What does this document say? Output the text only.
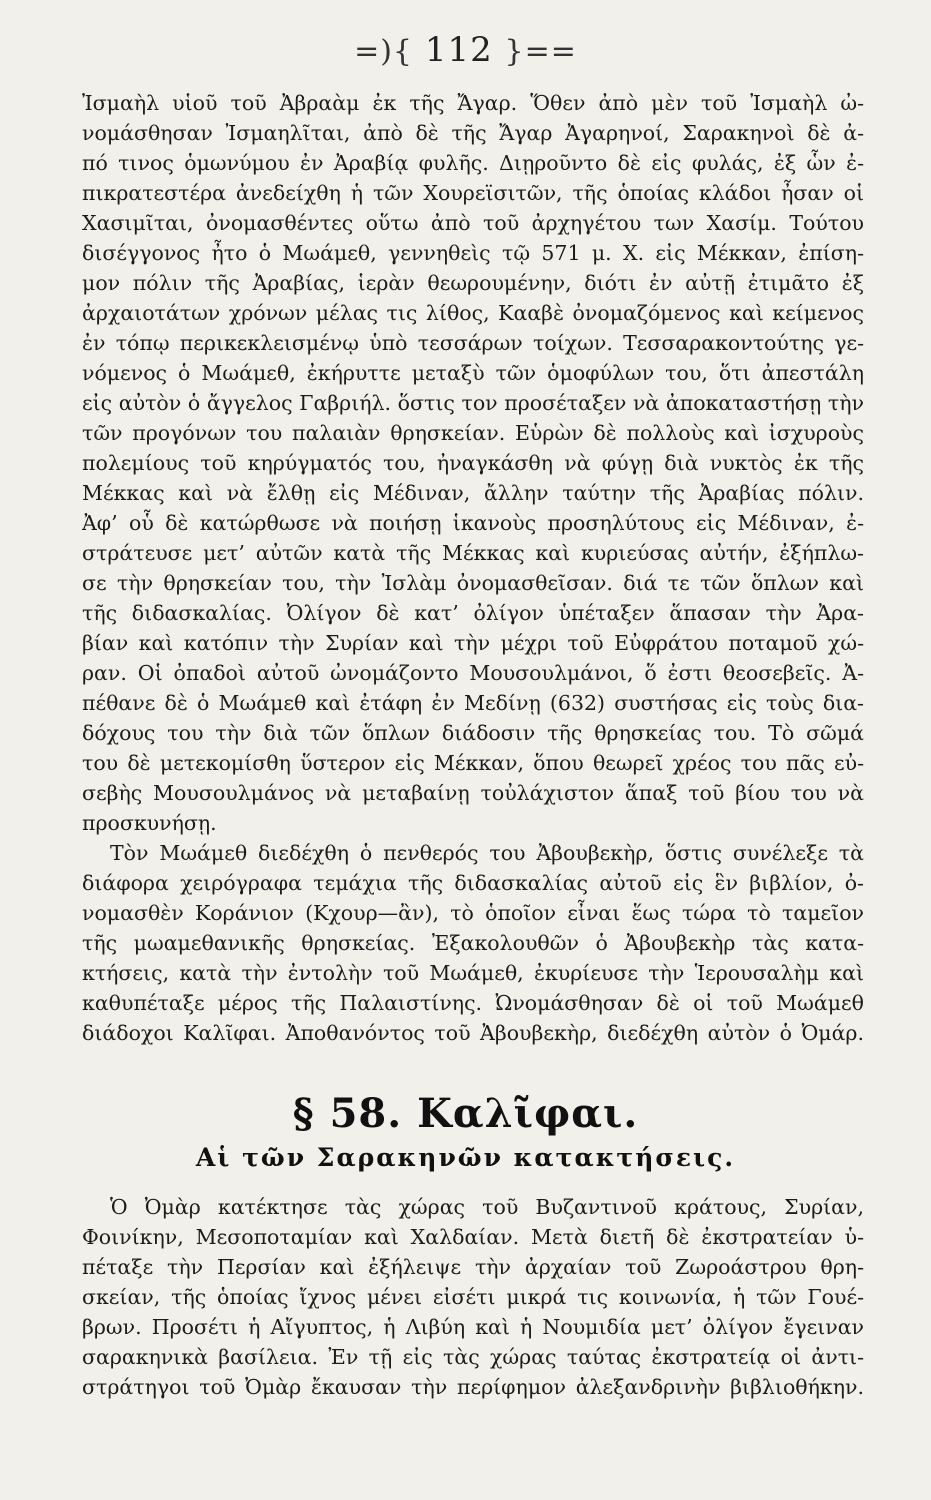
=){ 112 }==
Ἰσμαὴλ υἱοῦ τοῦ Ἀβραὰμ ἐκ τῆς Ἄγαρ. Ὅθεν ἀπὸ μὲν τοῦ Ἰσμαὴλ ὠ-
νομάσθησαν Ἰσμαηλῖται, ἀπὸ δὲ τῆς Ἄγαρ Ἀγαρηνοί, Σαρακηνοὶ δὲ ἀ-
πό τινος ὁμωνύμου ἐν Ἀραβίᾳ φυλῆς. Διῃροῦντο δὲ εἰς φυλάς, ἐξ ὧν ἐ-
πικρατεστέρα ἀνεδείχθη ἡ τῶν Χουρεϊσιτῶν, τῆς ὁποίας κλάδοι ἦσαν οἱ
Χασιμῖται, ὀνομασθέντες οὕτω ἀπὸ τοῦ ἀρχηγέτου των Χασίμ. Τούτου
δισέγγονος ἦτο ὁ Μωάμεθ, γεννηθεὶς τῷ 571 μ. Χ. εἰς Μέκκαν, ἐπίση-
μον πόλιν τῆς Ἀραβίας, ἱερὰν θεωρουμένην, διότι ἐν αὐτῇ ἐτιμᾶτο ἐξ
ἀρχαιοτάτων χρόνων μέλας τις λίθος, Κααβὲ ὀνομαζόμενος καὶ κείμενος
ἐν τόπῳ περικεκλεισμένῳ ὑπὸ τεσσάρων τοίχων. Τεσσαρακοντούτης γε-
νόμενος ὁ Μωάμεθ, ἐκήρυττε μεταξὺ τῶν ὁμοφύλων του, ὅτι ἀπεστάλη
εἰς αὐτὸν ὁ ἄγγελος Γαβριήλ. ὅστις τον προσέταξεν νὰ ἀποκαταστήσῃ τὴν
τῶν προγόνων του παλαιὰν θρησκείαν. Εὑρὼν δὲ πολλοὺς καὶ ἰσχυροὺς
πολεμίους τοῦ κηρύγματός του, ἠναγκάσθη νὰ φύγῃ διὰ νυκτὸς ἐκ τῆς
Μέκκας καὶ νὰ ἔλθῃ εἰς Μέδιναν, ἄλλην ταύτην τῆς Ἀραβίας πόλιν.
Ἀφ’ οὗ δὲ κατώρθωσε νὰ ποιήσῃ ἱκανοὺς προσηλύτους εἰς Μέδιναν, ἐ-
στράτευσε μετ’ αὐτῶν κατὰ τῆς Μέκκας καὶ κυριεύσας αὐτήν, ἐξήπλω-
σε τὴν θρησκείαν του, τὴν Ἰσλὰμ ὀνομασθεῖσαν. διά τε τῶν ὅπλων καὶ
τῆς διδασκαλίας. Ὀλίγον δὲ κατ’ ὀλίγον ὑπέταξεν ἅπασαν τὴν Ἀρα-
βίαν καὶ κατόπιν τὴν Συρίαν καὶ τὴν μέχρι τοῦ Εὐφράτου ποταμοῦ χώ-
ραν. Οἱ ὀπαδοὶ αὐτοῦ ὠνομάζοντο Μουσουλμάνοι, ὅ ἐστι θεοσεβεῖς. Ἀ-
πέθανε δὲ ὁ Μωάμεθ καὶ ἐτάφη ἐν Μεδίνῃ (632) συστήσας εἰς τοὺς δια-
δόχους του τὴν διὰ τῶν ὅπλων διάδοσιν τῆς θρησκείας του. Τὸ σῶμά
του δὲ μετεκομίσθη ὕστερον εἰς Μέκκαν, ὅπου θεωρεῖ χρέος του πᾶς εὐ-
σεβὴς Μουσουλμάνος νὰ μεταβαίνῃ τοὐλάχιστον ἅπαξ τοῦ βίου του νὰ
προσκυνήσῃ.
Τὸν Μωάμεθ διεδέχθη ὁ πενθερός του Ἀβουβεκὴρ, ὅστις συνέλεξε τὰ
διάφορα χειρόγραφα τεμάχια τῆς διδασκαλίας αὐτοῦ εἰς ἓν βιβλίον, ὀ-
νομασθὲν Κοράνιον (Κχουρ—ἂν), τὸ ὁποῖον εἶναι ἕως τώρα τὸ ταμεῖον
τῆς μωαμεθανικῆς θρησκείας. Ἐξακολουθῶν ὁ Ἀβουβεκὴρ τὰς κατα-
κτήσεις, κατὰ τὴν ἐντολὴν τοῦ Μωάμεθ, ἐκυρίευσε τὴν Ἱερουσαλὴμ καὶ
καθυπέταξε μέρος τῆς Παλαιστίνης. Ὠνομάσθησαν δὲ οἱ τοῦ Μωάμεθ
διάδοχοι Καλῖφαι. Ἀποθανόντος τοῦ Ἀβουβεκὴρ, διεδέχθη αὐτὸν ὁ Ὀμάρ.
§ 58. Καλῖφαι.
Αἱ τῶν Σαρακηνῶν κατακτήσεις.
Ὁ Ὀμὰρ κατέκτησε τὰς χώρας τοῦ Βυζαντινοῦ κράτους, Συρίαν,
Φοινίκην, Μεσοποταμίαν καὶ Χαλδαίαν. Μετὰ διετῆ δὲ ἐκστρατείαν ὑ-
πέταξε τὴν Περσίαν καὶ ἐξήλειψε τὴν ἀρχαίαν τοῦ Ζωροάστρου θρη-
σκείαν, τῆς ὁποίας ἴχνος μένει εἰσέτι μικρά τις κοινωνία, ἡ τῶν Γουέ-
βρων. Προσέτι ἡ Αἴγυπτος, ἡ Λιβύη καὶ ἡ Νουμιδία μετ’ ὀλίγον ἔγειναν
σαρακηνικὰ βασίλεια. Ἐν τῇ εἰς τὰς χώρας ταύτας ἐκστρατείᾳ οἱ ἀντι-
στράτηγοι τοῦ Ὀμὰρ ἔκαυσαν τὴν περίφημον ἀλεξανδρινὴν βιβλιοθήκην.
